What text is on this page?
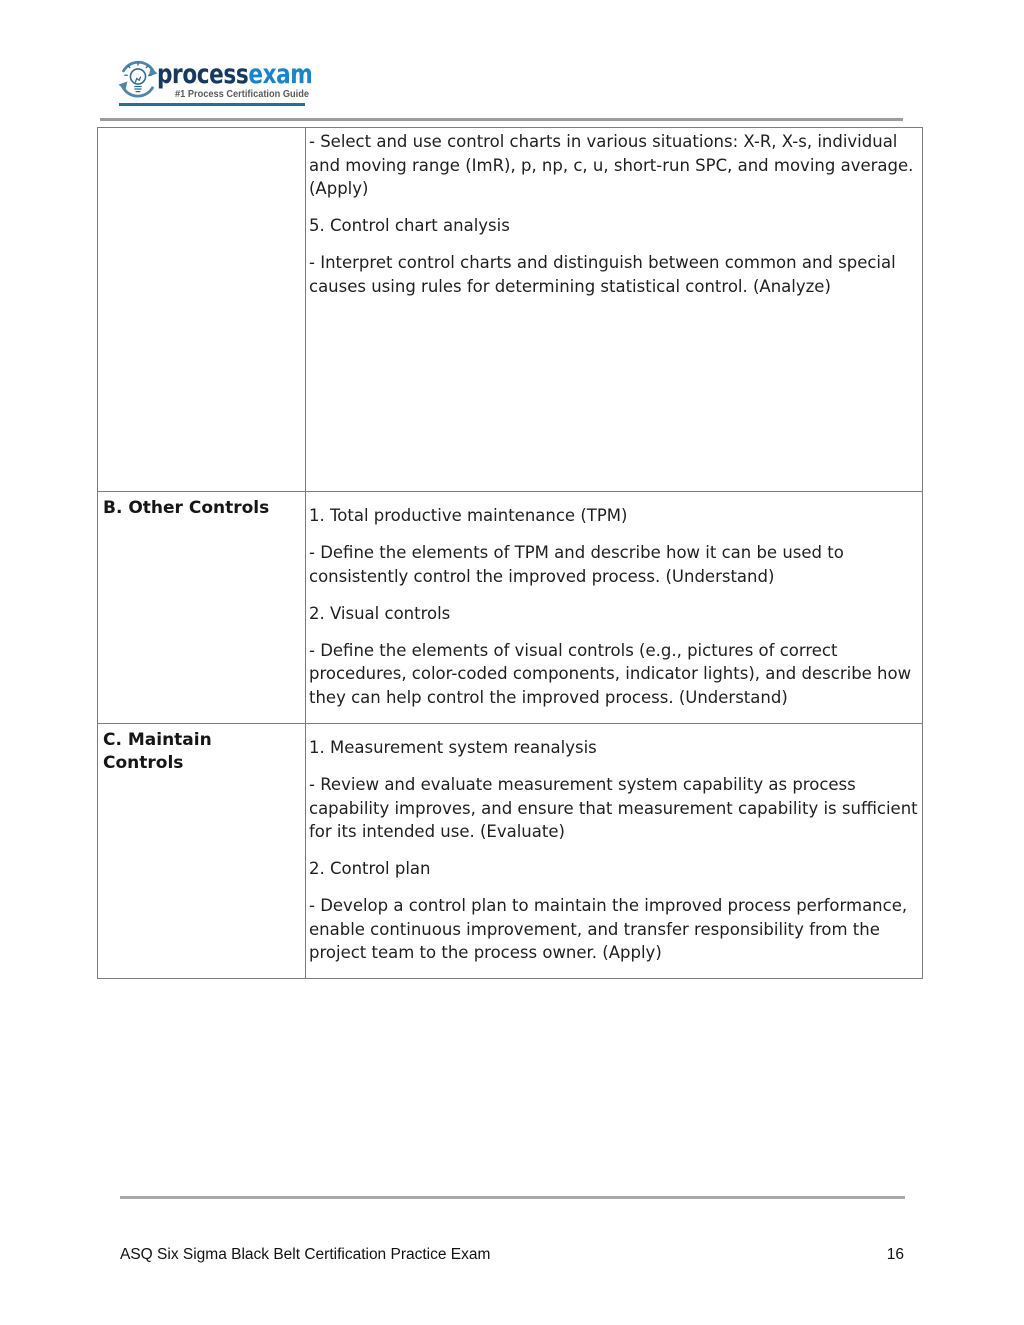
processexam
#1 Process Certification Guide

	- Select and use control charts in various situations: X-R, X-s, individual and moving range (ImR), p, np, c, u, short-run SPC, and moving average. (Apply)

5. Control chart analysis

- Interpret control charts and distinguish between common and special causes using rules for determining statistical control. (Analyze)

B. Other Controls	1. Total productive maintenance (TPM)

- Define the elements of TPM and describe how it can be used to consistently control the improved process. (Understand)

2. Visual controls

- Define the elements of visual controls (e.g., pictures of correct procedures, color-coded components, indicator lights), and describe how they can help control the improved process. (Understand)

C. Maintain Controls	1. Measurement system reanalysis

- Review and evaluate measurement system capability as process capability improves, and ensure that measurement capability is sufficient for its intended use. (Evaluate)

2. Control plan

- Develop a control plan to maintain the improved process performance, enable continuous improvement, and transfer responsibility from the project team to the process owner. (Apply)

ASQ Six Sigma Black Belt Certification Practice Exam	16
